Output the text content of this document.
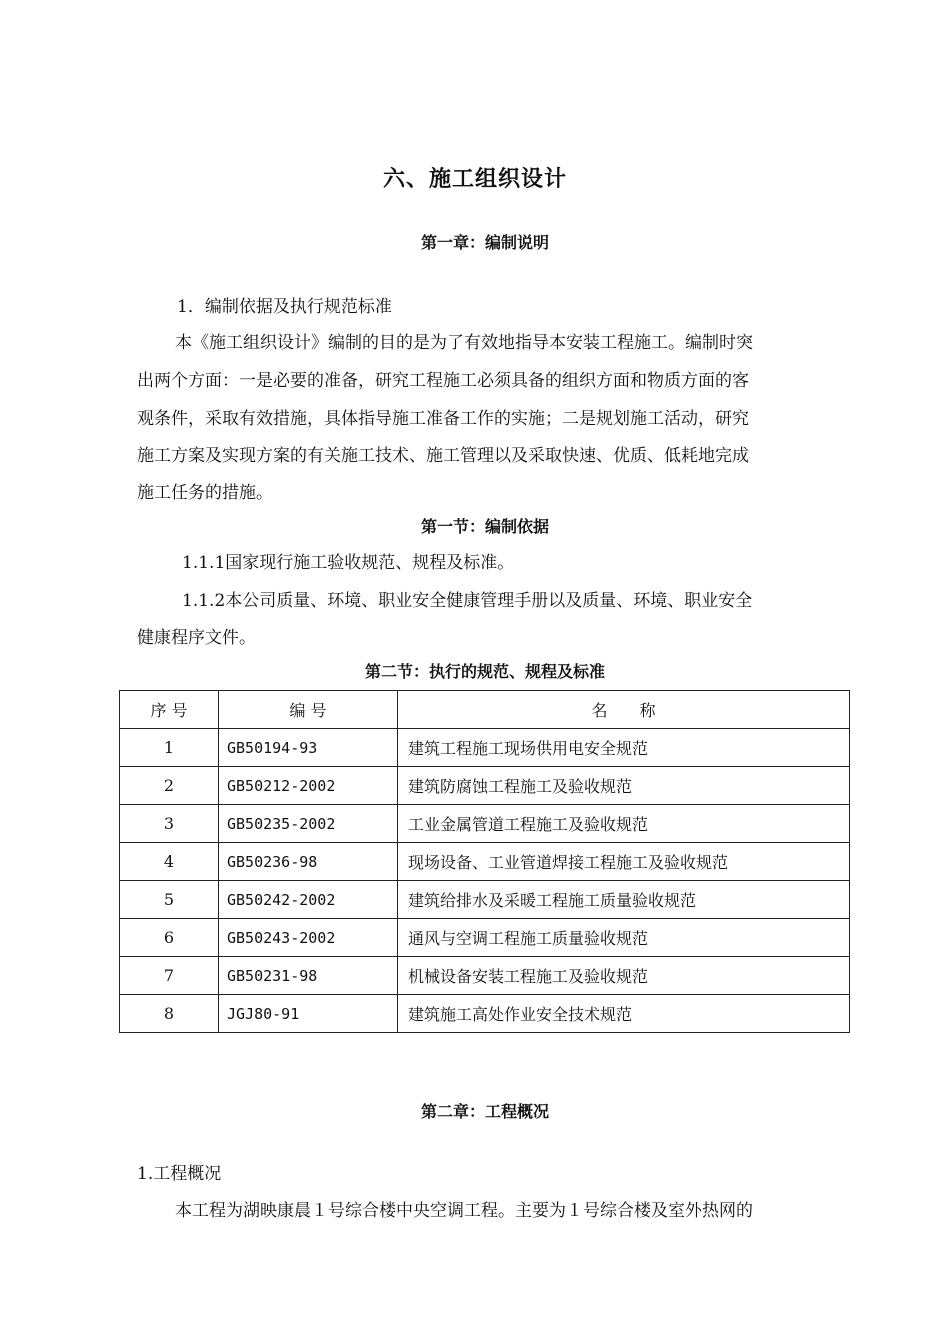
六、施工组织设计
第一章：编制说明
1．编制依据及执行规范标准
本《施工组织设计》编制的目的是为了有效地指导本安装工程施工。编制时突
出两个方面：一是必要的准备，研究工程施工必须具备的组织方面和物质方面的客
观条件，采取有效措施，具体指导施工准备工作的实施；二是规划施工活动，研究
施工方案及实现方案的有关施工技术、施工管理以及采取快速、优质、低耗地完成
施工任务的措施。
第一节：编制依据
1.1.1国家现行施工验收规范、规程及标准。
1.1.2本公司质量、环境、职业安全健康管理手册以及质量、环境、职业安全
健康程序文件。
第二节：执行的规范、规程及标准
序 号	编 号	名　　称
1	GB50194-93	建筑工程施工现场供用电安全规范
2	GB50212-2002	建筑防腐蚀工程施工及验收规范
3	GB50235-2002	工业金属管道工程施工及验收规范
4	GB50236-98	现场设备、工业管道焊接工程施工及验收规范
5	GB50242-2002	建筑给排水及采暖工程施工质量验收规范
6	GB50243-2002	通风与空调工程施工质量验收规范
7	GB50231-98	机械设备安装工程施工及验收规范
8	JGJ80-91	建筑施工高处作业安全技术规范
第二章：工程概况
1.工程概况
本工程为湖映康晨１号综合楼中央空调工程。主要为１号综合楼及室外热网的
